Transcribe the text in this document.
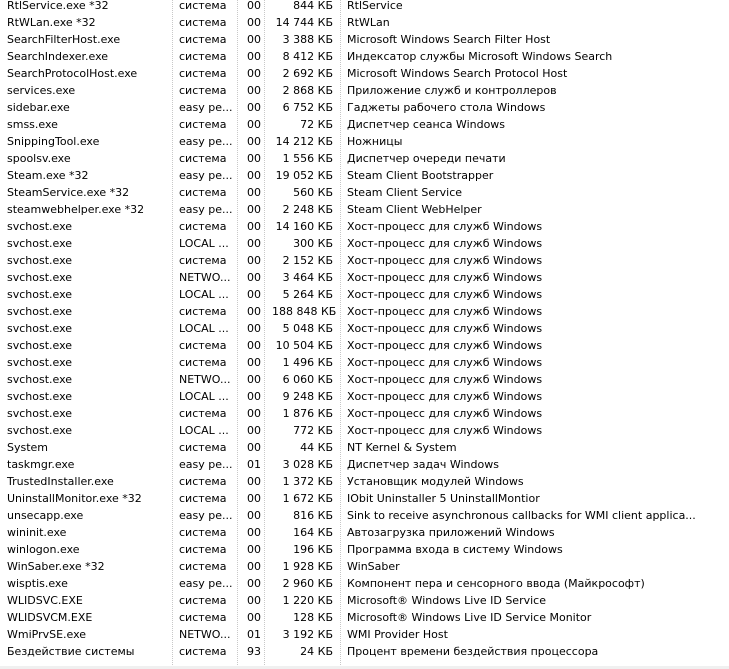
RtlService.exe *32	система	00	844 КБ RtlService
RtWLan.exe *32	система	00	14 744 КБ RtWLan
SearchFilterHost.exe	система	00	3 388 КБ Microsoft Windows Search Filter Host
SearchIndexer.exe	система	00	8 412 КБ Индексатор службы Microsoft Windows Search
SearchProtocolHost.exe	система	00	2 692 КБ Microsoft Windows Search Protocol Host
services.exe	система	00	2 868 КБ Приложение служб и контроллеров
sidebar.exe	easy pe...	00	6 752 КБ Гаджеты рабочего стола Windows
smss.exe	система	00	72 КБ Диспетчер сеанса Windows
SnippingTool.exe	easy pe...	00	14 212 КБ Ножницы
spoolsv.exe	система	00	1 556 КБ Диспетчер очереди печати
Steam.exe *32	easy pe...	00	19 052 КБ Steam Client Bootstrapper
SteamService.exe *32	система	00	560 КБ Steam Client Service
steamwebhelper.exe *32	easy pe...	00	2 248 КБ Steam Client WebHelper
svchost.exe	система	00	14 160 КБ Хост-процесс для служб Windows
svchost.exe	LOCAL ...	00	300 КБ Хост-процесс для служб Windows
svchost.exe	система	00	2 152 КБ Хост-процесс для служб Windows
svchost.exe	NETWO...	00	3 464 КБ Хост-процесс для служб Windows
svchost.exe	LOCAL ...	00	5 264 КБ Хост-процесс для служб Windows
svchost.exe	система	00	188 848 КБ Хост-процесс для служб Windows
svchost.exe	LOCAL ...	00	5 048 КБ Хост-процесс для служб Windows
svchost.exe	система	00	10 504 КБ Хост-процесс для служб Windows
svchost.exe	система	00	1 496 КБ Хост-процесс для служб Windows
svchost.exe	NETWO...	00	6 060 КБ Хост-процесс для служб Windows
svchost.exe	LOCAL ...	00	9 248 КБ Хост-процесс для служб Windows
svchost.exe	система	00	1 876 КБ Хост-процесс для служб Windows
svchost.exe	LOCAL ...	00	772 КБ Хост-процесс для служб Windows
System	система	00	44 КБ NT Kernel & System
taskmgr.exe	easy pe...	01	3 028 КБ Диспетчер задач Windows
TrustedInstaller.exe	система	00	1 372 КБ Установщик модулей Windows
UninstallMonitor.exe *32	система	00	1 672 КБ IObit Uninstaller 5 UninstallMontior
unsecapp.exe	easy pe...	00	816 КБ Sink to receive asynchronous callbacks for WMI client applica...
wininit.exe	система	00	164 КБ Автозагрузка приложений Windows
winlogon.exe	система	00	196 КБ Программа входа в систему Windows
WinSaber.exe *32	система	00	1 928 КБ WinSaber
wisptis.exe	easy pe...	00	2 960 КБ Компонент пера и сенсорного ввода (Майкрософт)
WLIDSVC.EXE	система	00	1 220 КБ Microsoft® Windows Live ID Service
WLIDSVCM.EXE	система	00	128 КБ Microsoft® Windows Live ID Service Monitor
WmiPrvSE.exe	NETWO...	01	3 192 КБ WMI Provider Host
Бездействие системы	система	93	24 КБ Процент времени бездействия процессора
